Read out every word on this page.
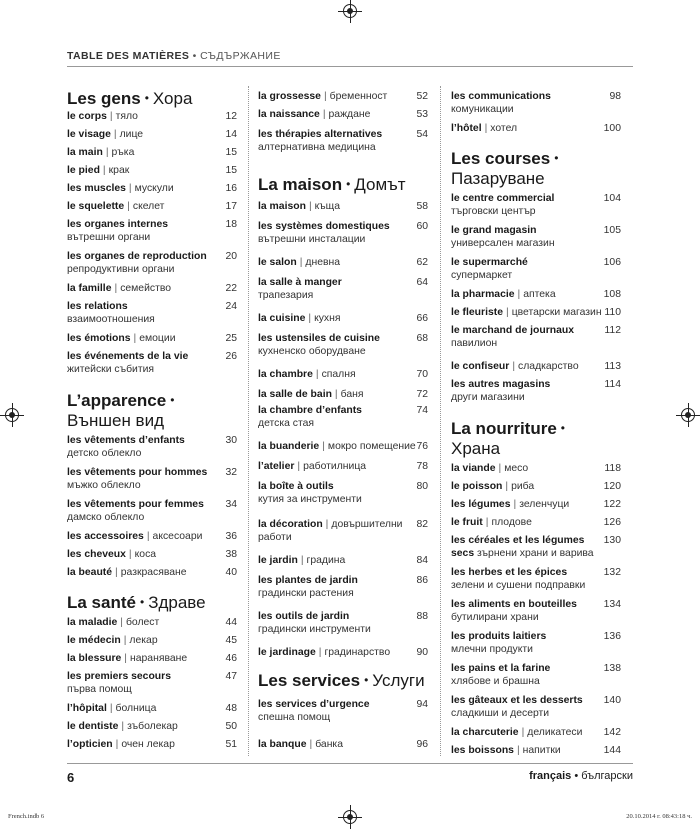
TABLE DES MATIÈRES • СЪДЪРЖАНИЕ
Les gens • Хора
le corps | тяло	12
le visage | лице	14
la main | ръка	15
le pied | крак	15
les muscles | мускули	16
le squelette | скелет	17
les organes internes
вътрешни органи
18
les organes de reproduction
репродуктивни органи
20
la famille | семейство	22
les relations
взаимоотношения
24
les émotions | емоции	25
les événements de la vie
житейски събития
26
L’apparence •
Външен вид
les vêtements d’enfants
детско облекло
30
les vêtements pour hommes
мъжко облекло
32
les vêtements pour femmes
дамско облекло
34
les accessoires | аксесоари 36
les cheveux | коса	38
la beauté | разкрасяване	40
La santé • Здраве
la maladie | болест	44
le médecin | лекар	45
la blessure | нараняване	46
les premiers secours
първа помощ
47
l’hôpital | болница	48
le dentiste | зъболекар	50
l’opticien | очен лекар	51
la grossesse | бременност	52
la naissance | раждане	53
les thérapies alternatives
алтернативна медицина
54
La maison • Домът
la maison | къща	58
les systèmes domestiques
вътрешни инсталации
60
le salon | дневна	62
la salle à manger
трапезария
64
la cuisine | кухня	66
les ustensiles de cuisine
кухненско оборудване
68
la chambre | спалня	70
la salle de bain | баня	72
la chambre d’enfants
детска стая
74
la buanderie | мокро помещение 76
l’atelier | работилница	78
la boîte à outils
кутия за инструменти
80
la décoration | довършителни
работи
82
le jardin | градина	84
les plantes de jardin
градински растения
86
les outils de jardin
градински инструменти
88
le jardinage | градинарство	90
Les services • Услуги
les services d’urgence
спешна помощ
94
la banque | банка	96
les communications
комуникации
98
l’hôtel | хотел	100
Les courses •
Пазаруване
le centre commercial
търговски център
104
le grand magasin
универсален магазин
105
le supermarché
супермаркет
106
la pharmacie | аптека	108
le fleuriste | цветарски магазин 110
le marchand de journaux
павилион
112
le confiseur | сладкарство 113
les autres magasins
други магазини
114
La nourriture •
Храна
la viande | месо	118
le poisson | риба	120
les légumes | зеленчуци	122
le fruit | плодове	126
les céréales et les légumes
secs зърнени храни и варива
130
les herbes et les épices
зелени и сушени подправки
132
les aliments en bouteilles
бутилирани храни
134
les produits laitiers
млечни продукти
136
les pains et la farine
хлябове и брашна
138
les gâteaux et les desserts
сладкиши и десерти
140
la charcuterie | деликатеси 142
les boissons | напитки	144
6	français • български
French.indb 6	20.10.2014 г. 08:43:18 ч.
